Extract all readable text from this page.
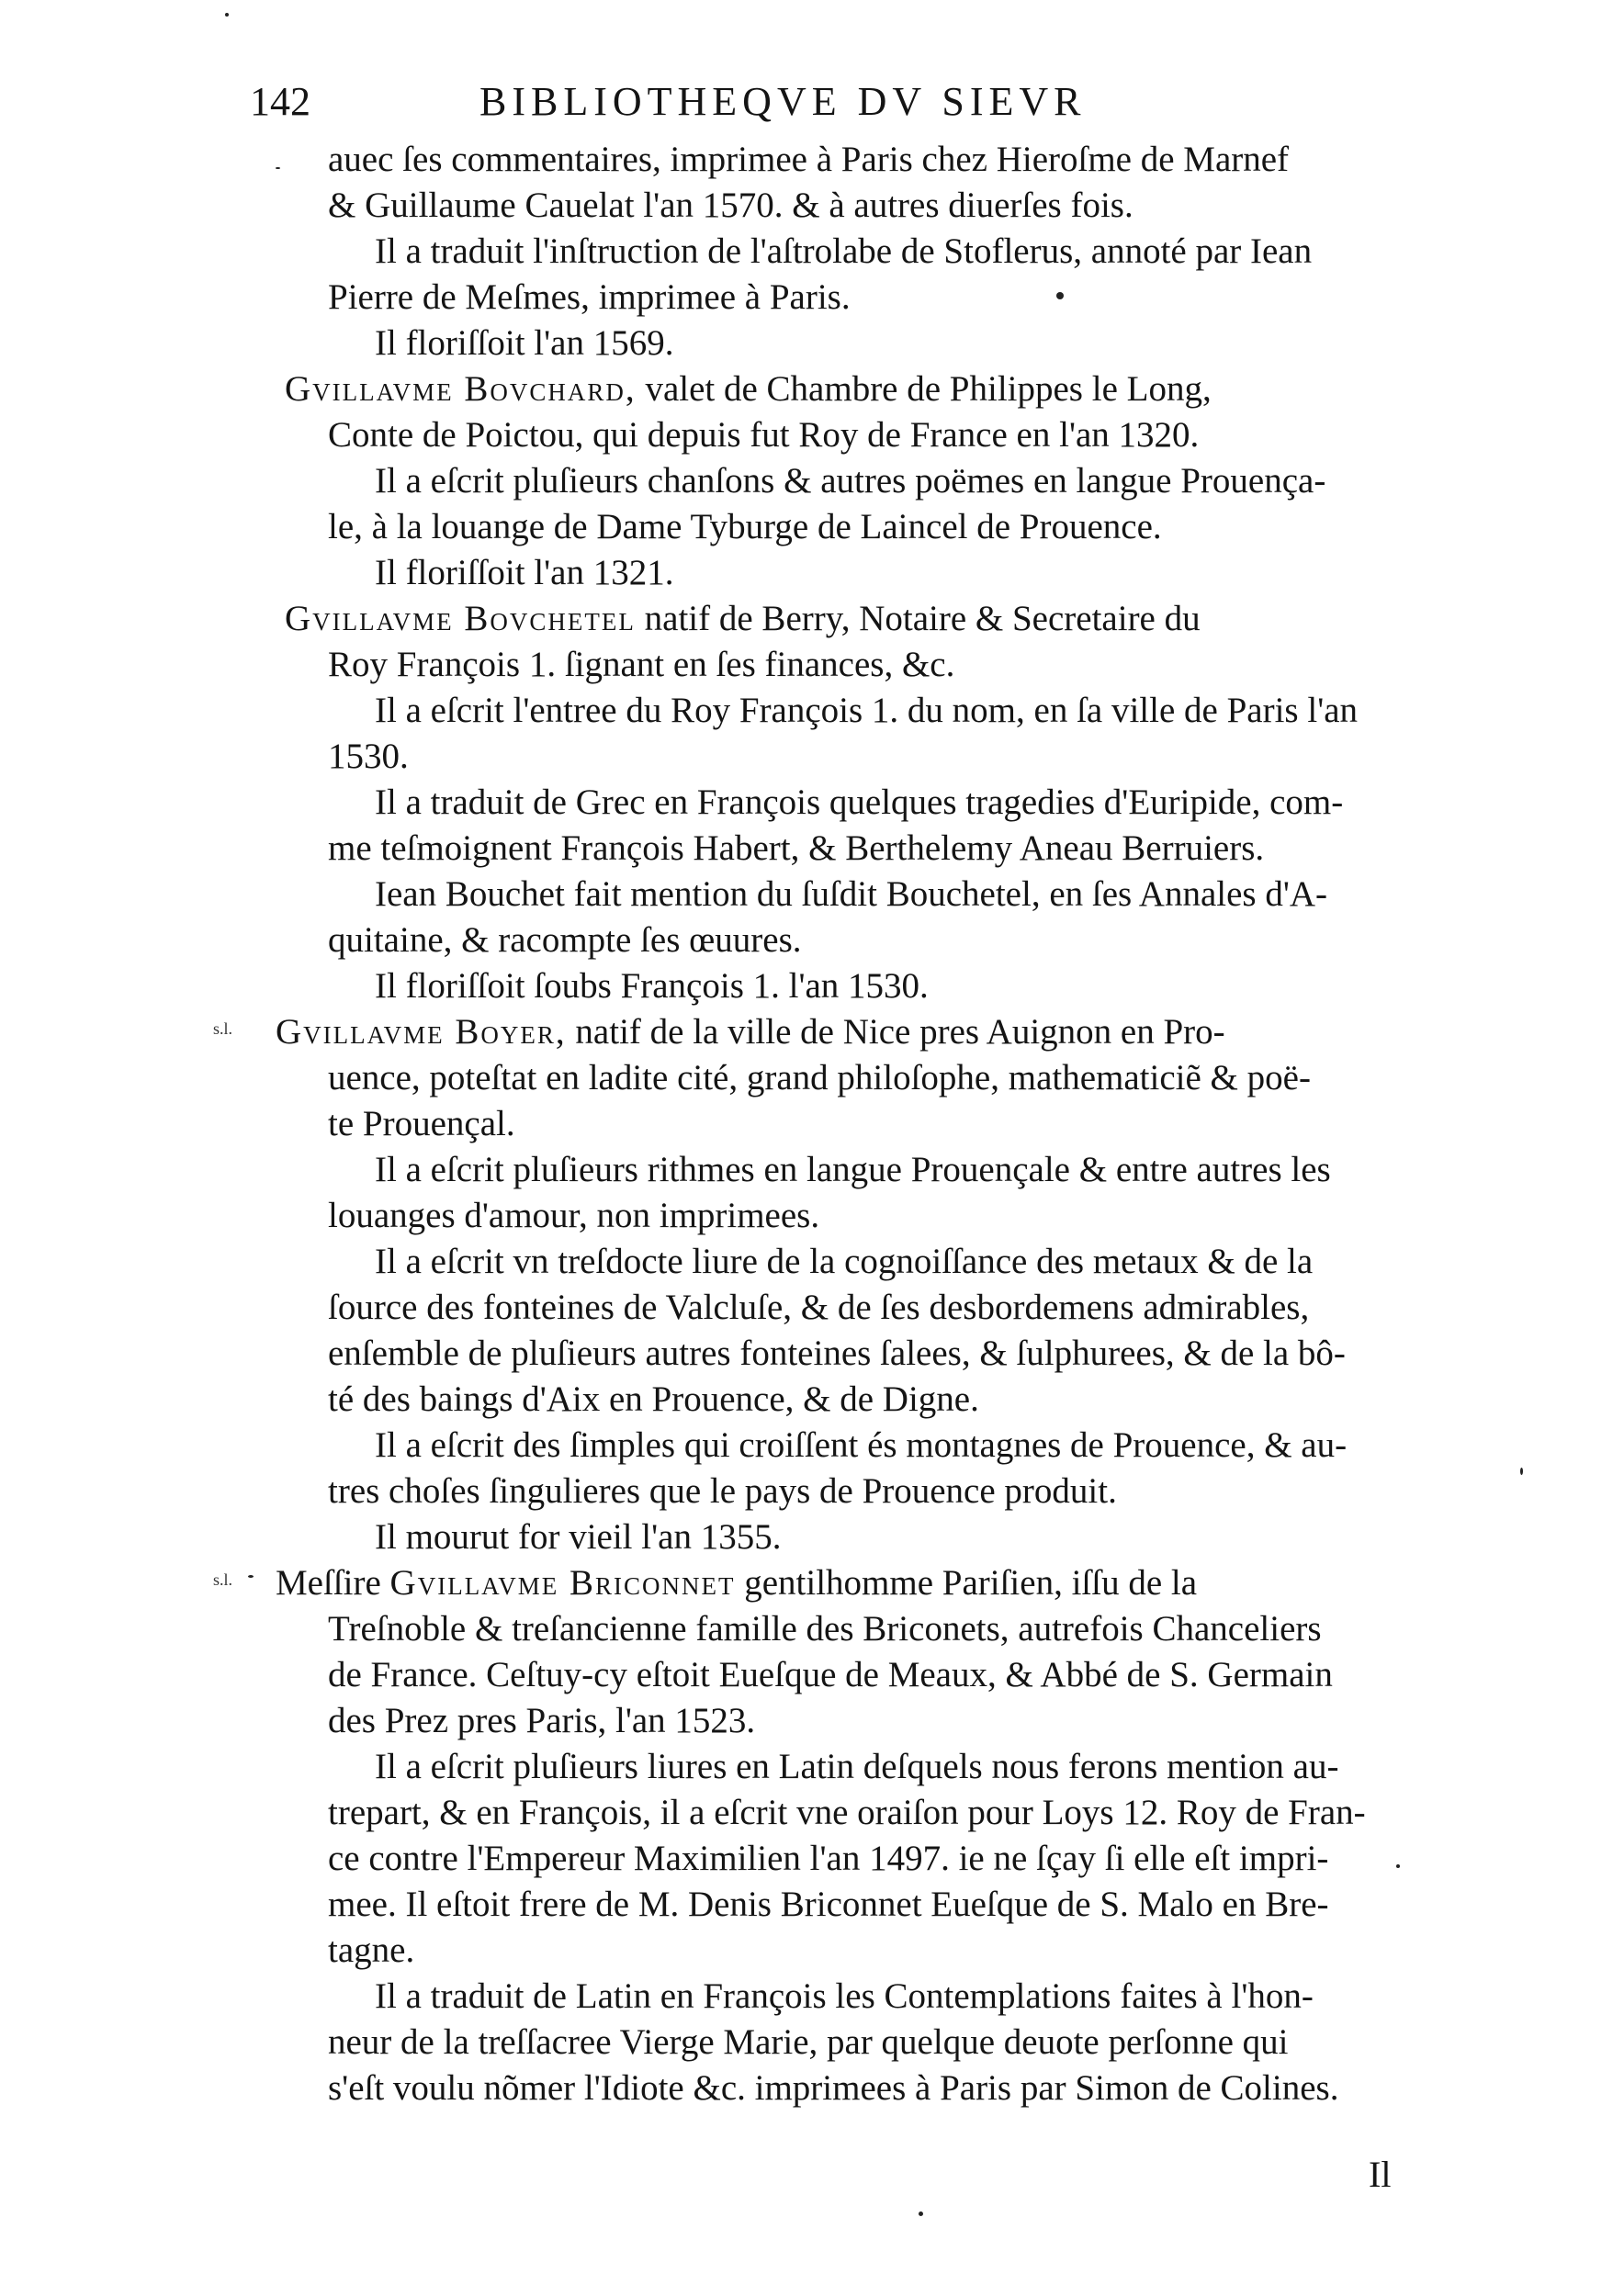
142	BIBLIOTHEQVE DV SIEVR
auec ſes commentaires, imprimee à Paris chez Hieroſme de Marnef
& Guillaume Cauelat l'an 1570. & à autres diuerſes fois.
Il a traduit l'inſtruction de l'aſtrolabe de Stoflerus, annoté par Iean
Pierre de Meſmes, imprimee à Paris.
Il floriſſoit l'an 1569.
Gvillavme Bovchard, valet de Chambre de Philippes le Long,
Conte de Poictou, qui depuis fut Roy de France en l'an 1320.
Il a eſcrit pluſieurs chanſons & autres poëmes en langue Prouença-
le, à la louange de Dame Tyburge de Laincel de Prouence.
Il floriſſoit l'an 1321.
Gvillavme Bovchetel natif de Berry, Notaire & Secretaire du
Roy François 1. ſignant en ſes finances, &c.
Il a eſcrit l'entree du Roy François 1. du nom, en ſa ville de Paris l'an
1530.
Il a traduit de Grec en François quelques tragedies d'Euripide, com-
me teſmoignent François Habert, & Berthelemy Aneau Berruiers.
Iean Bouchet fait mention du ſuſdit Bouchetel, en ſes Annales d'A-
quitaine, & racompte ſes œuures.
Il floriſſoit ſoubs François 1. l'an 1530.
s.l. Gvillavme Boyer, natif de la ville de Nice pres Auignon en Pro-
uence, poteſtat en ladite cité, grand philoſophe, mathematiciẽ & poë-
te Prouençal.
Il a eſcrit pluſieurs rithmes en langue Prouençale & entre autres les
louanges d'amour, non imprimees.
Il a eſcrit vn treſdocte liure de la cognoiſſance des metaux & de la
ſource des fonteines de Valcluſe, & de ſes desbordemens admirables,
enſemble de pluſieurs autres fonteines ſalees, & ſulphurees, & de la bô-
té des baings d'Aix en Prouence, & de Digne.
Il a eſcrit des ſimples qui croiſſent és montagnes de Prouence, & au-
tres choſes ſingulieres que le pays de Prouence produit.
Il mourut for vieil l'an 1355.
s.l. Meſſire Gvillavme Briconnet gentilhomme Pariſien, iſſu de la
Treſnoble & treſancienne famille des Briconets, autrefois Chanceliers
de France. Ceſtuy-cy eſtoit Eueſque de Meaux, & Abbé de S. Germain
des Prez pres Paris, l'an 1523.
Il a eſcrit pluſieurs liures en Latin deſquels nous ferons mention au-
trepart, & en François, il a eſcrit vne oraiſon pour Loys 12. Roy de Fran-
ce contre l'Empereur Maximilien l'an 1497. ie ne ſçay ſi elle eſt impri-
mee. Il eſtoit frere de M. Denis Briconnet Eueſque de S. Malo en Bre-
tagne.
Il a traduit de Latin en François les Contemplations faites à l'hon-
neur de la treſſacree Vierge Marie, par quelque deuote perſonne qui
s'eſt voulu nõmer l'Idiote &c. imprimees à Paris par Simon de Colines.
Il
